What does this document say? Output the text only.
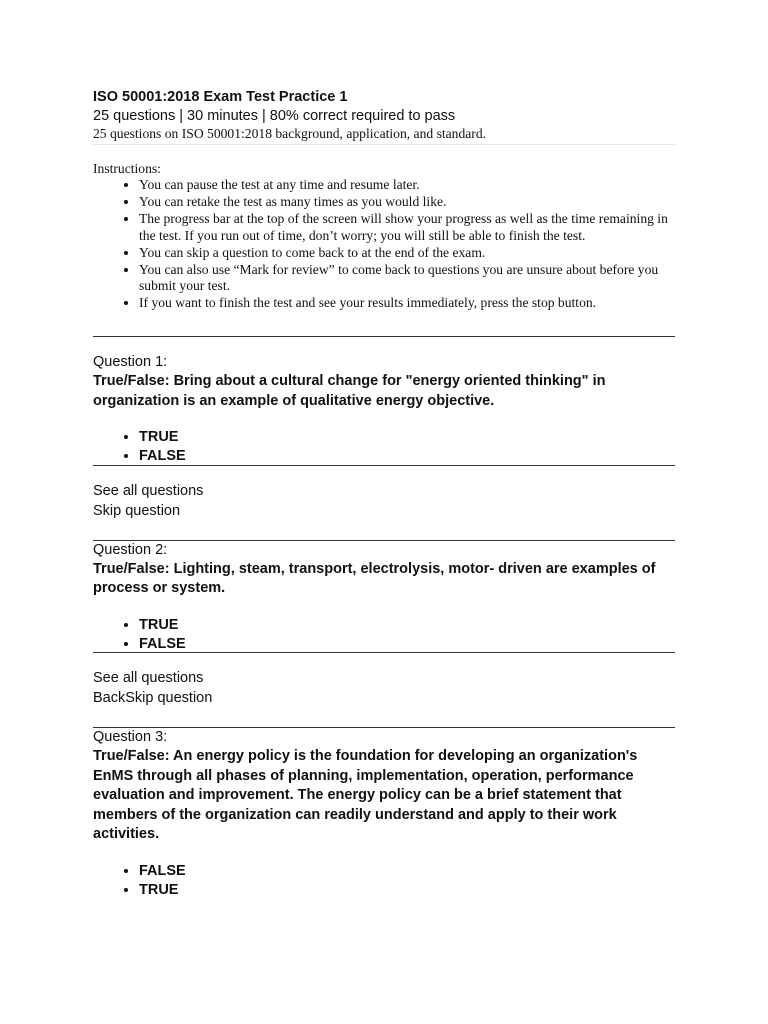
ISO 50001:2018 Exam Test Practice 1
25 questions | 30 minutes | 80% correct required to pass
25 questions on ISO 50001:2018 background, application, and standard.
Instructions:
• You can pause the test at any time and resume later.
• You can retake the test as many times as you would like.
• The progress bar at the top of the screen will show your progress as well as the time remaining in the test. If you run out of time, don’t worry; you will still be able to finish the test.
• You can skip a question to come back to at the end of the exam.
• You can also use “Mark for review” to come back to questions you are unsure about before you submit your test.
• If you want to finish the test and see your results immediately, press the stop button.
Question 1:
True/False: Bring about a cultural change for "energy oriented thinking" in organization is an example of qualitative energy objective.
• TRUE
• FALSE
See all questions
Skip question
Question 2:
True/False: Lighting, steam, transport, electrolysis, motor- driven are examples of process or system.
• TRUE
• FALSE
See all questions
BackSkip question
Question 3:
True/False: An energy policy is the foundation for developing an organization's EnMS through all phases of planning, implementation, operation, performance evaluation and improvement. The energy policy can be a brief statement that members of the organization can readily understand and apply to their work activities.
• FALSE
• TRUE
